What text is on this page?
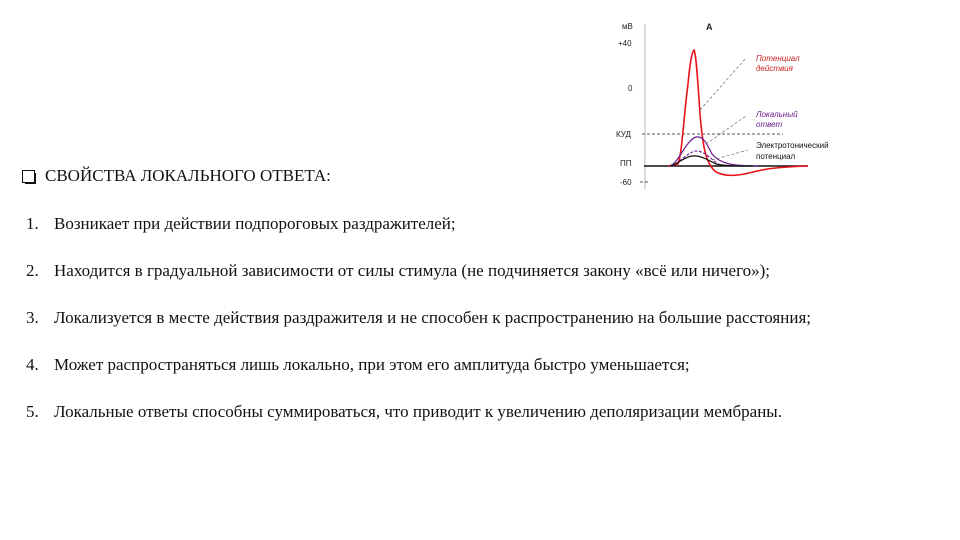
мВ	А
+40
0
КУД
ПП
-60
Потенциал
действия
Локальный
ответ
Электротонический
потенциал
СВОЙСТВА ЛОКАЛЬНОГО ОТВЕТА:
1. Возникает при действии подпороговых раздражителей;
2. Находится в градуальной зависимости от силы стимула (не подчиняется закону «всё или ничего»);
3. Локализуется в месте действия раздражителя и не способен к распространению на большие расстояния;
4. Может распространяться лишь локально, при этом его амплитуда быстро уменьшается;
5. Локальные ответы способны суммироваться, что приводит к увеличению деполяризации мембраны.
